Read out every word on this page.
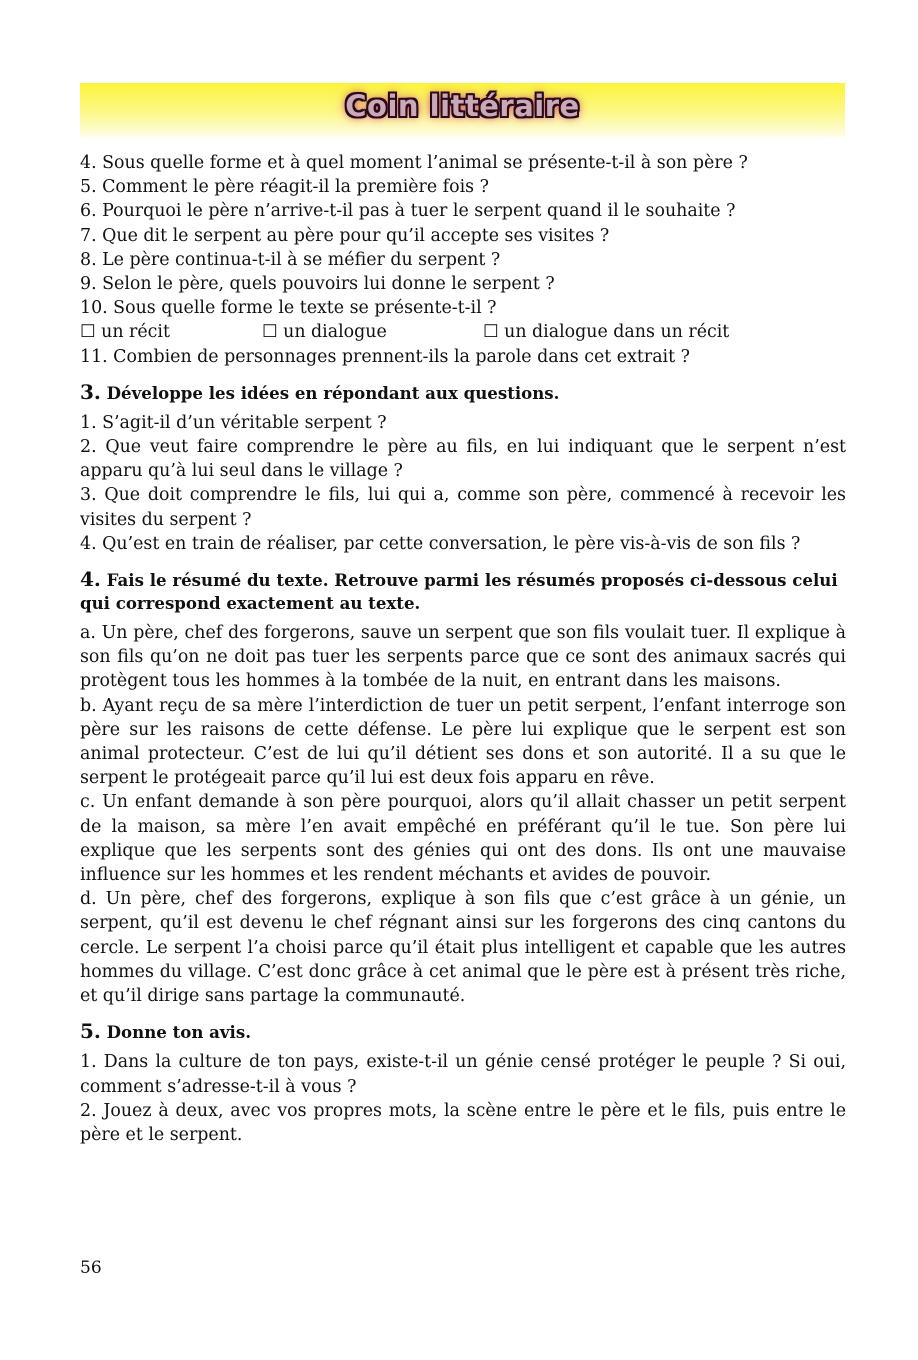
Coin littéraire
4. Sous quelle forme et à quel moment l’animal se présente-t-il à son père ?
5. Comment le père réagit-il la première fois ?
6. Pourquoi le père n’arrive-t-il pas à tuer le serpent quand il le souhaite ?
7. Que dit le serpent au père pour qu’il accepte ses visites ?
8. Le père continua-t-il à se méfier du serpent ?
9. Selon le père, quels pouvoirs lui donne le serpent ?
10. Sous quelle forme le texte se présente-t-il ?
☐ un récit	☐ un dialogue	☐ un dialogue dans un récit
11. Combien de personnages prennent-ils la parole dans cet extrait ?
3. Développe les idées en répondant aux questions.
1. S’agit-il d’un véritable serpent ?
2. Que veut faire comprendre le père au fils, en lui indiquant que le serpent n’est apparu qu’à lui seul dans le village ?
3. Que doit comprendre le fils, lui qui a, comme son père, commencé à recevoir les visites du serpent ?
4. Qu’est en train de réaliser, par cette conversation, le père vis-à-vis de son fils ?
4. Fais le résumé du texte. Retrouve parmi les résumés proposés ci-dessous celui qui correspond exactement au texte.
a. Un père, chef des forgerons, sauve un serpent que son fils voulait tuer. Il explique à son fils qu’on ne doit pas tuer les serpents parce que ce sont des animaux sacrés qui protègent tous les hommes à la tombée de la nuit, en entrant dans les maisons.
b. Ayant reçu de sa mère l’interdiction de tuer un petit serpent, l’enfant interroge son père sur les raisons de cette défense. Le père lui explique que le serpent est son animal protecteur. C’est de lui qu’il détient ses dons et son autorité. Il a su que le serpent le protégeait parce qu’il lui est deux fois apparu en rêve.
c. Un enfant demande à son père pourquoi, alors qu’il allait chasser un petit serpent de la maison, sa mère l’en avait empêché en préférant qu’il le tue. Son père lui explique que les serpents sont des génies qui ont des dons. Ils ont une mauvaise influence sur les hommes et les rendent méchants et avides de pouvoir.
d. Un père, chef des forgerons, explique à son fils que c’est grâce à un génie, un serpent, qu’il est devenu le chef régnant ainsi sur les forgerons des cinq cantons du cercle. Le serpent l’a choisi parce qu’il était plus intelligent et capable que les autres hommes du village. C’est donc grâce à cet animal que le père est à présent très riche, et qu’il dirige sans partage la communauté.
5. Donne ton avis.
1. Dans la culture de ton pays, existe-t-il un génie censé protéger le peuple ? Si oui, comment s’adresse-t-il à vous ?
2. Jouez à deux, avec vos propres mots, la scène entre le père et le fils, puis entre le père et le serpent.
56
